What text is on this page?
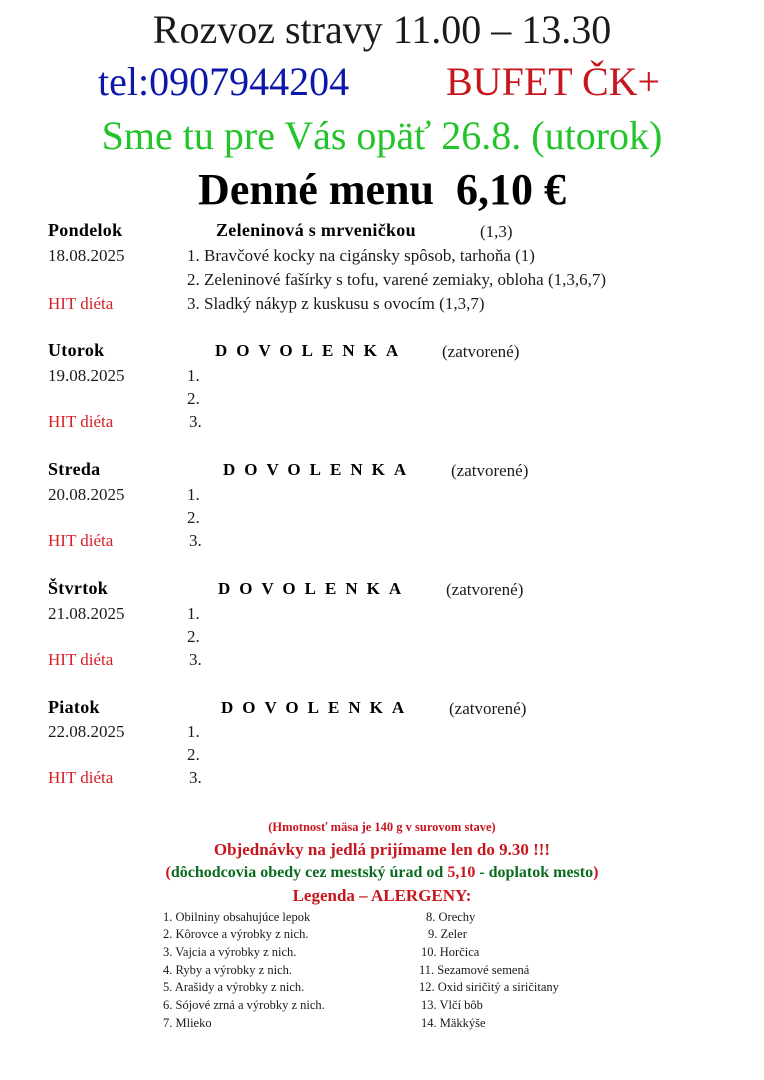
Rozvoz stravy 11.00 – 13.30
tel:0907944204 BUFET ČK+
Sme tu pre Vás opäť 26.8. (utorok)
Denné menu  6,10 €
Pondelok	Zeleninová s mrveničkou	(1,3)
18.08.2025	1. Bravčové kocky na cigánsky spôsob, tarhoňa (1)
2. Zeleninové fašírky s tofu, varené zemiaky, obloha (1,3,6,7)
HIT diéta	3. Sladký nákyp z kuskusu s ovocím (1,3,7)
Utorok	DOVOLENKA (zatvorené)
19.08.2025	1.
2.
HIT diéta	3.
Streda	DOVOLENKA (zatvorené)
20.08.2025	1.
2.
HIT diéta	3.
Štvrtok	DOVOLENKA (zatvorené)
21.08.2025	1.
2.
HIT diéta	3.
Piatok	DOVOLENKA (zatvorené)
22.08.2025	1.
2.
HIT diéta	3.
(Hmotnosť mäsa je 140 g v surovom stave)
Objednávky na jedlá prijímame len do 9.30 !!!
(dôchodcovia obedy cez mestský úrad od 5,10 - doplatok mesto)
Legenda – ALERGENY:
1. Obilniny obsahujúce lepok
2. Kôrovce a výrobky z nich.
3. Vajcia a výrobky z nich.
4. Ryby a výrobky z nich.
5. Arašidy a výrobky z nich.
6. Sójové zrná a výrobky z nich.
7. Mlieko
8. Orechy
9. Zeler
10. Horčica
11. Sezamové semená
12. Oxid siričitý a siričitany
13. Vlčí bôb
14. Mäkkýše
